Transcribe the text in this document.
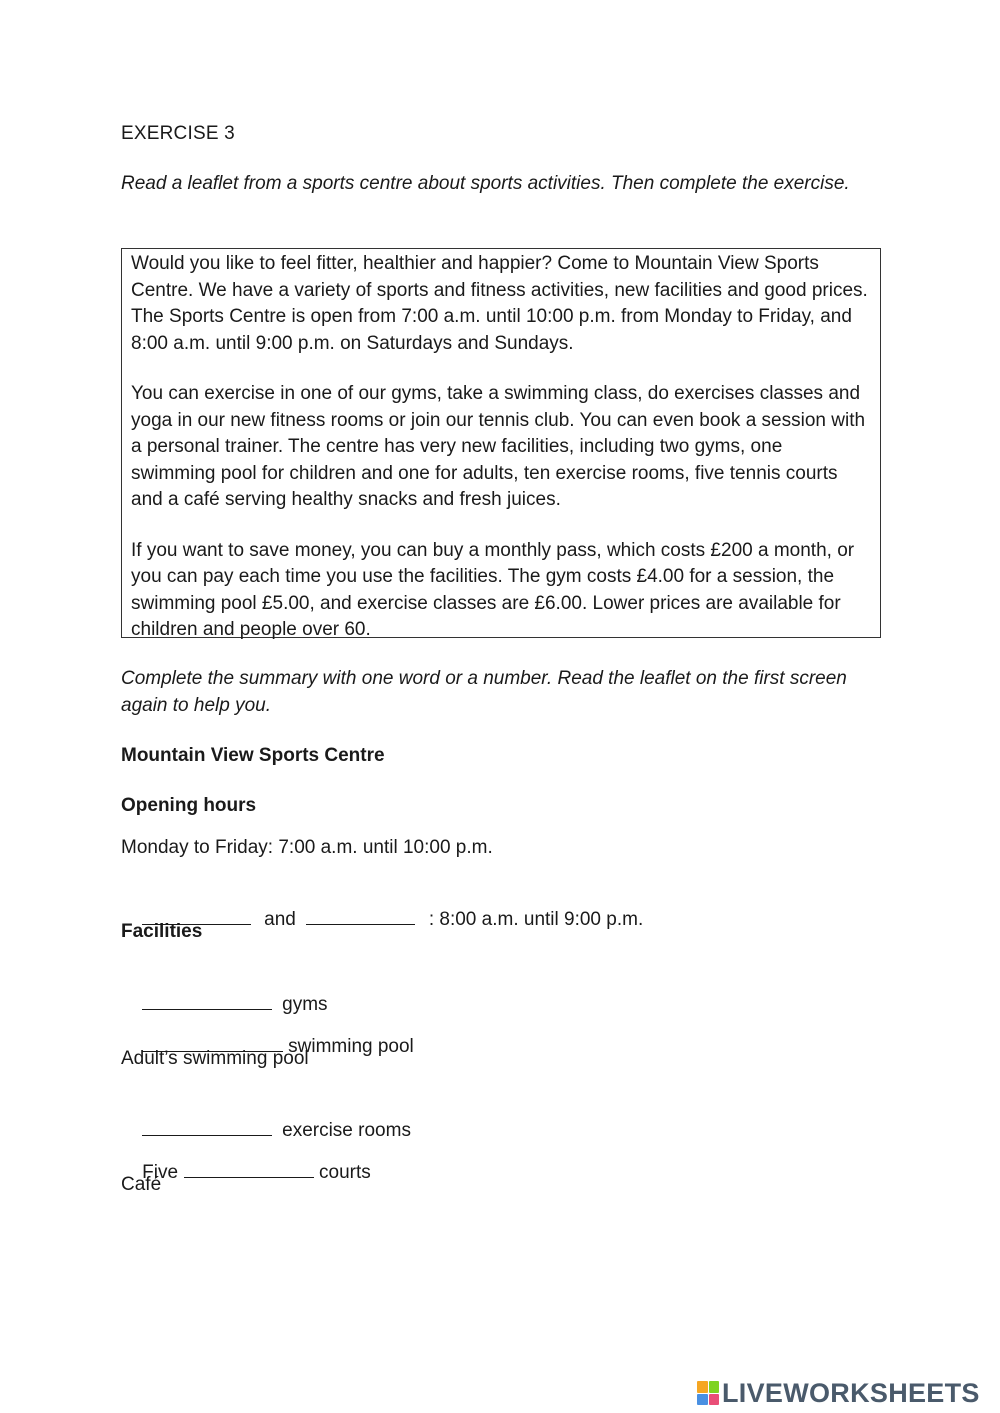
EXERCISE 3
Read a leaflet from a sports centre about sports activities. Then complete the exercise.

Would you like to feel fitter, healthier and happier? Come to Mountain View Sports Centre. We have a variety of sports and fitness activities, new facilities and good prices. The Sports Centre is open from 7:00 a.m. until 10:00 p.m. from Monday to Friday, and 8:00 a.m. until 9:00 p.m. on Saturdays and Sundays.

You can exercise in one of our gyms, take a swimming class, do exercises classes and yoga in our new fitness rooms or join our tennis club. You can even book a session with a personal trainer. The centre has very new facilities, including two gyms, one swimming pool for children and one for adults, ten exercise rooms, five tennis courts and a café serving healthy snacks and fresh juices.

If you want to save money, you can buy a monthly pass, which costs £200 a month, or you can pay each time you use the facilities. The gym costs £4.00 for a session, the swimming pool £5.00, and exercise classes are £6.00. Lower prices are available for children and people over 60.

Complete the summary with one word or a number. Read the leaflet on the first screen again to help you.
Mountain View Sports Centre
Opening hours
Monday to Friday: 7:00 a.m. until 10:00 p.m.

and	: 8:00 a.m. until 9:00 p.m.

Facilities

gyms

swimming pool

Adult’s swimming pool

exercise rooms

Five	courts

Café
LIVEWORKSHEETS
